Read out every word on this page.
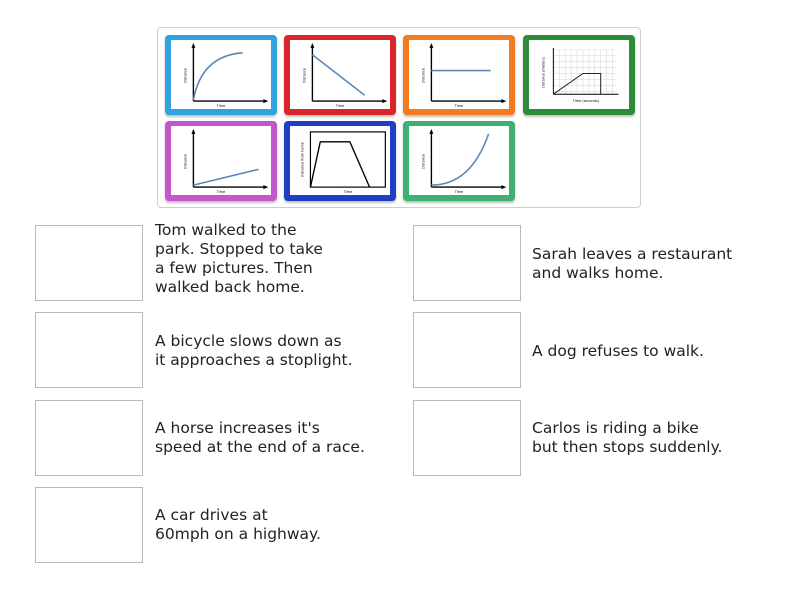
Time
Distance
Time
Distance
Time
Distance
Time (seconds)
Distance (meters)
Time
Distance
Time
Distance from home
Time
Distance
Tom walked to the
park. Stopped to take
a few pictures. Then
walked back home.
Sarah leaves a restaurant
and walks home.
A bicycle slows down as
it approaches a stoplight.	A dog refuses to walk.
A horse increases it's
speed at the end of a race.
Carlos is riding a bike
but then stops suddenly.
A car drives at
60mph on a highway.
